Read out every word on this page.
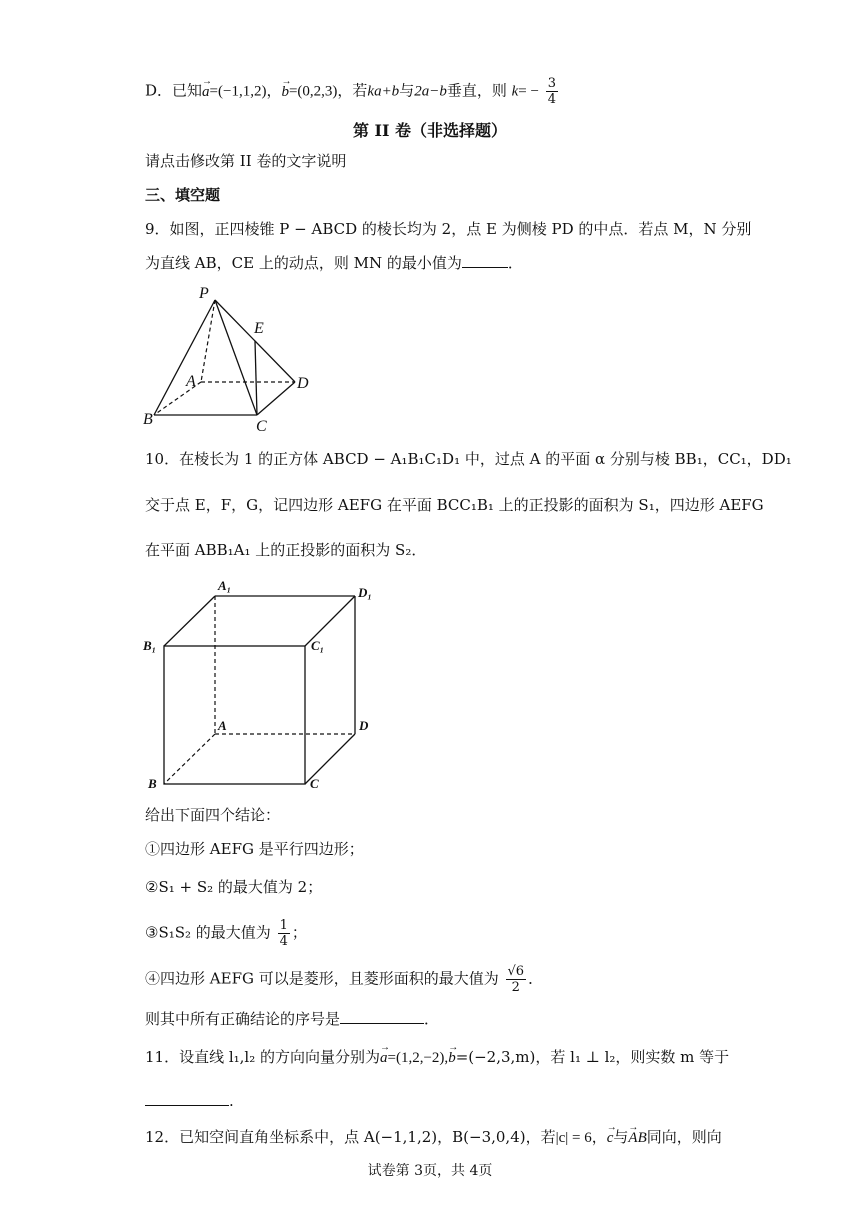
D．已知→ a=(−1,1,2)，→ b=(0,2,3)，若ka+b与2a−b垂直，则 $k= - \frac{3}{4}$
第 II 卷（非选择题）
请点击修改第 II 卷的文字说明
三、填空题
9．如图，正四棱锥 P − ABCD 的棱长均为 2，点 E 为侧棱 PD 的中点．若点 M，N 分别
为直线 AB，CE 上的动点，则 MN 的最小值为	．
P
E
A	D
B	C
10．在棱长为 1 的正方体 ABCD − A₁B₁C₁D₁ 中，过点 A 的平面 α 分别与棱 BB₁，CC₁，DD₁
交于点 E，F，G，记四边形 AEFG 在平面 BCC₁B₁ 上的正投影的面积为 S₁，四边形 AEFG
在平面 ABB₁A₁ 上的正投影的面积为 S₂．
A₁	D₁
B₁	C₁
A	D
B	C
给出下面四个结论：
①四边形 AEFG 是平行四边形；
②S₁ + S₂ 的最大值为 2；
③S₁S₂ 的最大值为 $\frac{1}{4}$ ；
④四边形 AEFG 可以是菱形，且菱形面积的最大值为 $\frac{√6}{2}$ ．
则其中所有正确结论的序号是	．
11．设直线 l₁,l₂ 的方向向量分别为→ a=(1,2,−2),→ b=(−2,3,m)，若 l₁ ⊥ l₂，则实数 m 等于
.
12．已知空间直角坐标系中，点 A(−1,1,2)，B(−3,0,4)，若|c| = 6，→ c与→ AB同向，则向
试卷第 3页，共 4页
